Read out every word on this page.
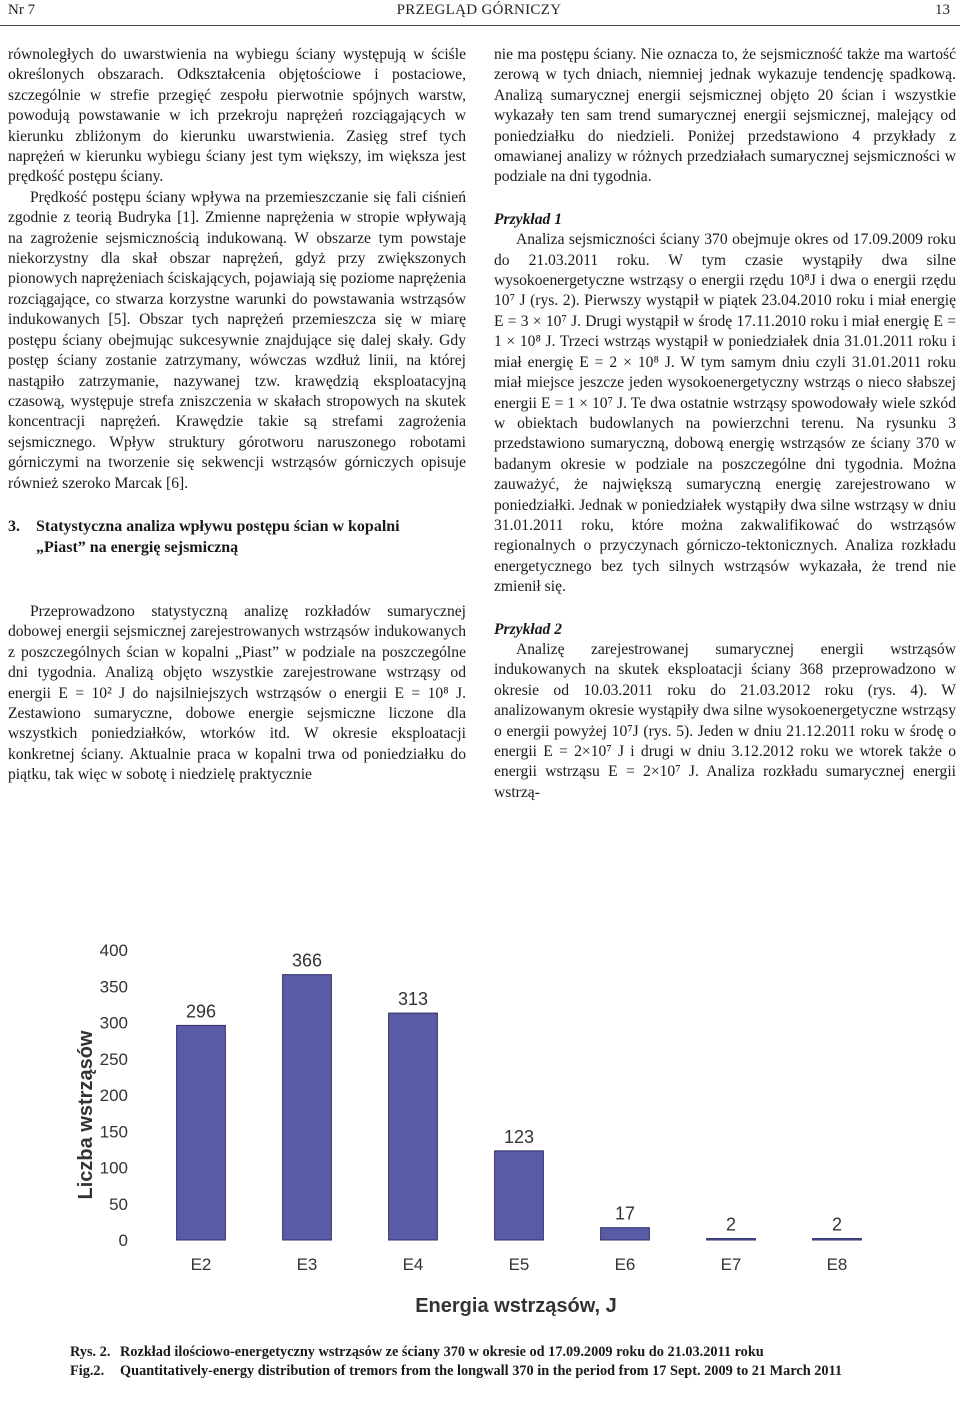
Nr 7	PRZEGLĄD GÓRNICZY	13

równoległych do uwarstwienia na wybiegu ściany występują w ściśle określonych obszarach. Odkształcenia objętościowe i postaciowe, szczególnie w strefie przegięć zespołu pierwotnie spójnych warstw, powodują powstawanie w ich przekroju naprężeń rozciągających w kierunku zbliżonym do kierunku uwarstwienia. Zasięg stref tych naprężeń w kierunku wybiegu ściany jest tym większy, im większa jest prędkość postępu ściany.

Prędkość postępu ściany wpływa na przemieszczanie się fali ciśnień zgodnie z teorią Budryka [1]. Zmienne naprężenia w stropie wpływają na zagrożenie sejsmicznością indukowaną. W obszarze tym powstaje niekorzystny dla skał obszar naprężeń, gdyż przy zwiększonych pionowych naprężeniach ściskających, pojawiają się poziome naprężenia rozciągające, co stwarza korzystne warunki do powstawania wstrząsów indukowanych [5]. Obszar tych naprężeń przemieszcza się w miarę postępu ściany obejmując sukcesywnie znajdujące się dalej skały. Gdy postęp ściany zostanie zatrzymany, wówczas wzdłuż linii, na której nastąpiło zatrzymanie, nazywanej tzw. krawędzią eksploatacyjną czasową, występuje strefa zniszczenia w skałach stropowych na skutek koncentracji naprężeń. Krawędzie takie są strefami zagrożenia sejsmicznego. Wpływ struktury górotworu naruszonego robotami górniczymi na tworzenie się sekwencji wstrząsów górniczych opisuje również szeroko Marcak [6].

3. Statystyczna analiza wpływu postępu ścian w kopalni
„Piast” na energię sejsmiczną

Przeprowadzono statystyczną analizę rozkładów sumarycznej dobowej energii sejsmicznej zarejestrowanych wstrząsów indukowanych z poszczególnych ścian w kopalni „Piast” w podziale na poszczególne dni tygodnia. Analizą objęto wszystkie zarejestrowane wstrząsy od energii E = 10² J do najsilniejszych wstrząsów o energii E = 10⁸ J. Zestawiono sumaryczne, dobowe energie sejsmiczne liczone dla wszystkich poniedziałków, wtorków itd. W okresie eksploatacji konkretnej ściany. Aktualnie praca w kopalni trwa od poniedziałku do piątku, tak więc w sobotę i niedzielę praktycznie

nie ma postępu ściany. Nie oznacza to, że sejsmiczność także ma wartość zerową w tych dniach, niemniej jednak wykazuje tendencję spadkową. Analizą sumarycznej energii sejsmicznej objęto 20 ścian i wszystkie wykazały ten sam trend sumarycznej energii sejsmicznej, malejący od poniedziałku do niedzieli. Poniżej przedstawiono 4 przykłady z omawianej analizy w różnych przedziałach sumarycznej sejsmiczności w podziale na dni tygodnia.

Przykład 1

Analiza sejsmiczności ściany 370 obejmuje okres od 17.09.2009 roku do 21.03.2011 roku. W tym czasie wystąpiły dwa silne wysokoenergetyczne wstrząsy o energii rzędu 10⁸J i dwa o energii rzędu 10⁷ J (rys. 2). Pierwszy wystąpił w piątek 23.04.2010 roku i miał energię E = 3 × 10⁷ J. Drugi wystąpił w środę 17.11.2010 roku i miał energię E = 1 × 10⁸ J. Trzeci wstrząs wystąpił w poniedziałek dnia 31.01.2011 roku i miał energię E = 2 × 10⁸ J. W tym samym dniu czyli 31.01.2011 roku miał miejsce jeszcze jeden wysokoenergetyczny wstrząs o nieco słabszej energii E = 1 × 10⁷ J. Te dwa ostatnie wstrząsy spowodowały wiele szkód w obiektach budowlanych na powierzchni terenu. Na rysunku 3 przedstawiono sumaryczną, dobową energię wstrząsów ze ściany 370 w badanym okresie w podziale na poszczególne dni tygodnia. Można zauważyć, że największą sumaryczną energię zarejestrowano w poniedziałki. Jednak w poniedziałek wystąpiły dwa silne wstrząsy w dniu 31.01.2011 roku, które można zakwalifikować do wstrząsów regionalnych o przyczynach górniczo-tektonicznych. Analiza rozkładu energetycznego bez tych silnych wstrząsów wykazała, że trend nie zmienił się.

Przykład 2

Analizę zarejestrowanej sumarycznej energii wstrząsów indukowanych na skutek eksploatacji ściany 368 przeprowadzono w okresie od 10.03.2011 roku do 21.03.2012 roku (rys. 4). W analizowanym okresie wystąpiły dwa silne wysokoenergetyczne wstrząsy o energii powyżej 10⁷J (rys. 5). Jeden w dniu 21.12.2011 roku w środę o energii E = 2×10⁷ J i drugi w dniu 3.12.2012 roku we wtorek także o energii wstrząsu E = 2×10⁷ J. Analiza rozkładu sumarycznej energii wstrzą-

Liczba wstrząsów
Energia wstrząsów, J
0
50
100
150
200
250
300
350
400
296
E2
366
E3
313
E4
123
E5
17
E6
2
E7
2
E8
Rys. 2. Rozkład ilościowo-energetyczny wstrząsów ze ściany 370 w okresie od 17.09.2009 roku do 21.03.2011 roku
Fig.2.	Quantitatively-energy distribution of tremors from the longwall 370 in the period from 17 Sept. 2009 to 21 March 2011
